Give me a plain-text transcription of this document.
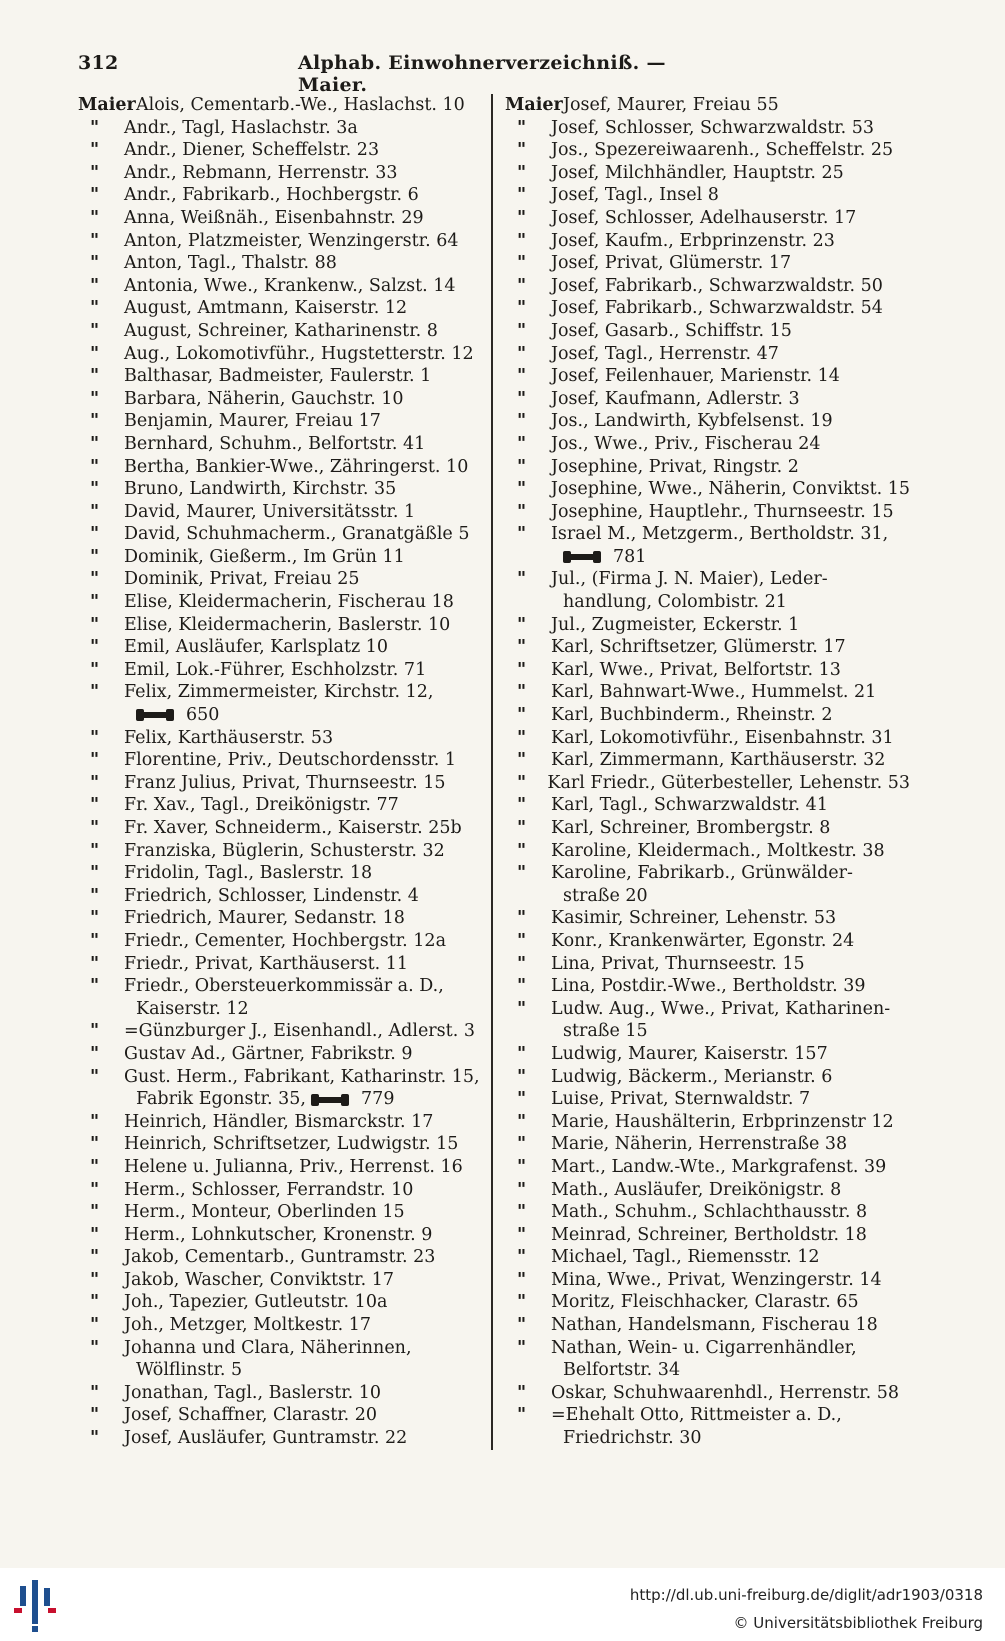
312	Alphab. Einwohnerverzeichniß. — Maier.
Maier Alois, Cementarb.-We., Haslachst. 10
"	Andr., Tagl, Haslachstr. 3a
"	Andr., Diener, Scheffelstr. 23
"	Andr., Rebmann, Herrenstr. 33
"	Andr., Fabrikarb., Hochbergstr. 6
"	Anna, Weißnäh., Eisenbahnstr. 29
"	Anton, Platzmeister, Wenzingerstr. 64
"	Anton, Tagl., Thalstr. 88
"	Antonia, Wwe., Krankenw., Salzst. 14
"	August, Amtmann, Kaiserstr. 12
"	August, Schreiner, Katharinenstr. 8
"	Aug., Lokomotivführ., Hugstetterstr. 12
"	Balthasar, Badmeister, Faulerstr. 1
"	Barbara, Näherin, Gauchstr. 10
"	Benjamin, Maurer, Freiau 17
"	Bernhard, Schuhm., Belfortstr. 41
"	Bertha, Bankier-Wwe., Zähringerst. 10
"	Bruno, Landwirth, Kirchstr. 35
"	David, Maurer, Universitätsstr. 1
"	David, Schuhmacherm., Granatgäßle 5
"	Dominik, Gießerm., Im Grün 11
"	Dominik, Privat, Freiau 25
"	Elise, Kleidermacherin, Fischerau 18
"	Elise, Kleidermacherin, Baslerstr. 10
"	Emil, Ausläufer, Karlsplatz 10
"	Emil, Lok.-Führer, Eschholzstr. 71
"	Felix, Zimmermeister, Kirchstr. 12,
650
"	Felix, Karthäuserstr. 53
"	Florentine, Priv., Deutschordensstr. 1
"	Franz Julius, Privat, Thurnseestr. 15
"	Fr. Xav., Tagl., Dreikönigstr. 77
"	Fr. Xaver, Schneiderm., Kaiserstr. 25b
"	Franziska, Büglerin, Schusterstr. 32
"	Fridolin, Tagl., Baslerstr. 18
"	Friedrich, Schlosser, Lindenstr. 4
"	Friedrich, Maurer, Sedanstr. 18
"	Friedr., Cementer, Hochbergstr. 12a
"	Friedr., Privat, Karthäuserst. 11
"	Friedr., Obersteuerkommissär a. D.,
Kaiserstr. 12
"	=Günzburger J., Eisenhandl., Adlerst. 3
"	Gustav Ad., Gärtner, Fabrikstr. 9
"	Gust. Herm., Fabrikant, Katharinstr. 15,
Fabrik Egonstr. 35,	779
"	Heinrich, Händler, Bismarckstr. 17
"	Heinrich, Schriftsetzer, Ludwigstr. 15
"	Helene u. Julianna, Priv., Herrenst. 16
"	Herm., Schlosser, Ferrandstr. 10
"	Herm., Monteur, Oberlinden 15
"	Herm., Lohnkutscher, Kronenstr. 9
"	Jakob, Cementarb., Guntramstr. 23
"	Jakob, Wascher, Conviktstr. 17
"	Joh., Tapezier, Gutleutstr. 10a
"	Joh., Metzger, Moltkestr. 17
"	Johanna und Clara, Näherinnen,
Wölflinstr. 5
"	Jonathan, Tagl., Baslerstr. 10
"	Josef, Schaffner, Clarastr. 20
"	Josef, Ausläufer, Guntramstr. 22
Maier Josef, Maurer, Freiau 55
"	Josef, Schlosser, Schwarzwaldstr. 53
"	Jos., Spezereiwaarenh., Scheffelstr. 25
"	Josef, Milchhändler, Hauptstr. 25
"	Josef, Tagl., Insel 8
"	Josef, Schlosser, Adelhauserstr. 17
"	Josef, Kaufm., Erbprinzenstr. 23
"	Josef, Privat, Glümerstr. 17
"	Josef, Fabrikarb., Schwarzwaldstr. 50
"	Josef, Fabrikarb., Schwarzwaldstr. 54
"	Josef, Gasarb., Schiffstr. 15
"	Josef, Tagl., Herrenstr. 47
"	Josef, Feilenhauer, Marienstr. 14
"	Josef, Kaufmann, Adlerstr. 3
"	Jos., Landwirth, Kybfelsenst. 19
"	Jos., Wwe., Priv., Fischerau 24
"	Josephine, Privat, Ringstr. 2
"	Josephine, Wwe., Näherin, Conviktst. 15
"	Josephine, Hauptlehr., Thurnseestr. 15
"	Israel M., Metzgerm., Bertholdstr. 31,
781
"	Jul., (Firma J. N. Maier), Leder-
handlung, Colombistr. 21
"	Jul., Zugmeister, Eckerstr. 1
"	Karl, Schriftsetzer, Glümerstr. 17
"	Karl, Wwe., Privat, Belfortstr. 13
"	Karl, Bahnwart-Wwe., Hummelst. 21
"	Karl, Buchbinderm., Rheinstr. 2
"	Karl, Lokomotivführ., Eisenbahnstr. 31
"	Karl, Zimmermann, Karthäuserstr. 32
"	Karl Friedr., Güterbesteller, Lehenstr. 53
"	Karl, Tagl., Schwarzwaldstr. 41
"	Karl, Schreiner, Brombergstr. 8
"	Karoline, Kleidermach., Moltkestr. 38
"	Karoline, Fabrikarb., Grünwälder-
straße 20
"	Kasimir, Schreiner, Lehenstr. 53
"	Konr., Krankenwärter, Egonstr. 24
"	Lina, Privat, Thurnseestr. 15
"	Lina, Postdir.-Wwe., Bertholdstr. 39
"	Ludw. Aug., Wwe., Privat, Katharinen-
straße 15
"	Ludwig, Maurer, Kaiserstr. 157
"	Ludwig, Bäckerm., Merianstr. 6
"	Luise, Privat, Sternwaldstr. 7
"	Marie, Haushälterin, Erbprinzenstr 12
"	Marie, Näherin, Herrenstraße 38
"	Mart., Landw.-Wte., Markgrafenst. 39
"	Math., Ausläufer, Dreikönigstr. 8
"	Math., Schuhm., Schlachthausstr. 8
"	Meinrad, Schreiner, Bertholdstr. 18
"	Michael, Tagl., Riemensstr. 12
"	Mina, Wwe., Privat, Wenzingerstr. 14
"	Moritz, Fleischhacker, Clarastr. 65
"	Nathan, Handelsmann, Fischerau 18
"	Nathan, Wein- u. Cigarrenhändler,
Belfortstr. 34
"	Oskar, Schuhwaarenhdl., Herrenstr. 58
"	=Ehehalt Otto, Rittmeister a. D.,
Friedrichstr. 30
http://dl.ub.uni-freiburg.de/diglit/adr1903/0318
© Universitätsbibliothek Freiburg
